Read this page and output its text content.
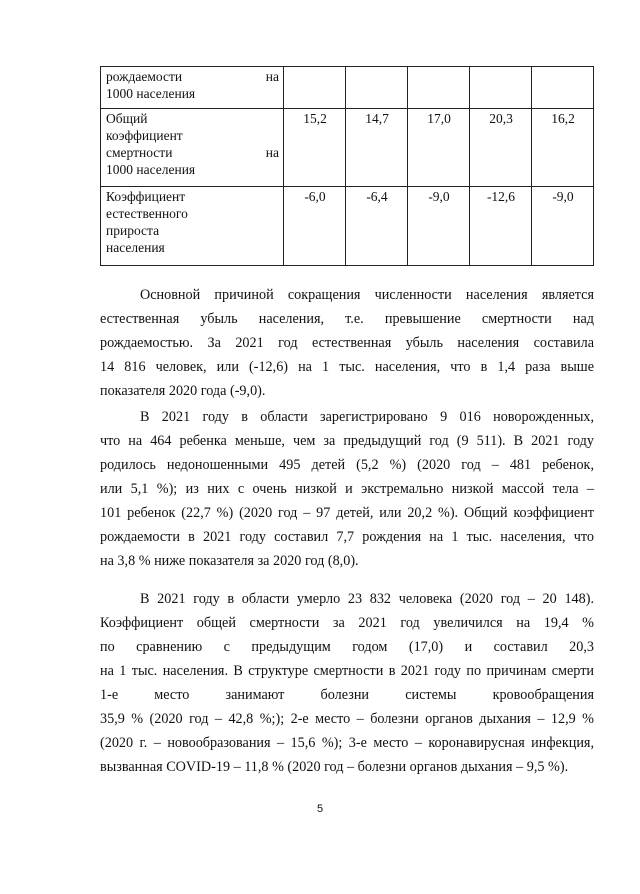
рождаемости на
1000 населения					

Общий
коэффициент
смертности на
1000 населения	15,2	14,7	17,0	20,3	16,2

Коэффициент
естественного
прироста
населения	-6,0	-6,4	-9,0	-12,6	-9,0
Основной причиной сокращения численности населения является
естественная убыль населения, т.е. превышение смертности над
рождаемостью. За 2021 год естественная убыль населения составила
14 816 человек, или (-12,6) на 1 тыс. населения, что в 1,4 раза выше
показателя 2020 года (-9,0).
В 2021 году в области зарегистрировано 9 016 новорожденных,
что на 464 ребенка меньше, чем за предыдущий год (9 511). В 2021 году
родилось недоношенными 495 детей (5,2 %) (2020 год – 481 ребенок,
или 5,1 %); из них с очень низкой и экстремально низкой массой тела –
101 ребенок (22,7 %) (2020 год – 97 детей, или 20,2 %). Общий коэффициент
рождаемости в 2021 году составил 7,7 рождения на 1 тыс. населения, что
на 3,8 % ниже показателя за 2020 год (8,0).
В 2021 году в области умерло 23 832 человека (2020 год – 20 148).
Коэффициент общей смертности за 2021 год увеличился на 19,4 %
по сравнению с предыдущим годом (17,0) и составил 20,3
на 1 тыс. населения. В структуре смертности в 2021 году по причинам смерти
1-е место занимают болезни системы кровообращения
35,9 % (2020 год – 42,8 %;); 2-е место – болезни органов дыхания – 12,9 %
(2020 г. – новообразования – 15,6 %); 3-е место – коронавирусная инфекция,
вызванная COVID-19 – 11,8 % (2020 год – болезни органов дыхания – 9,5 %).
5
